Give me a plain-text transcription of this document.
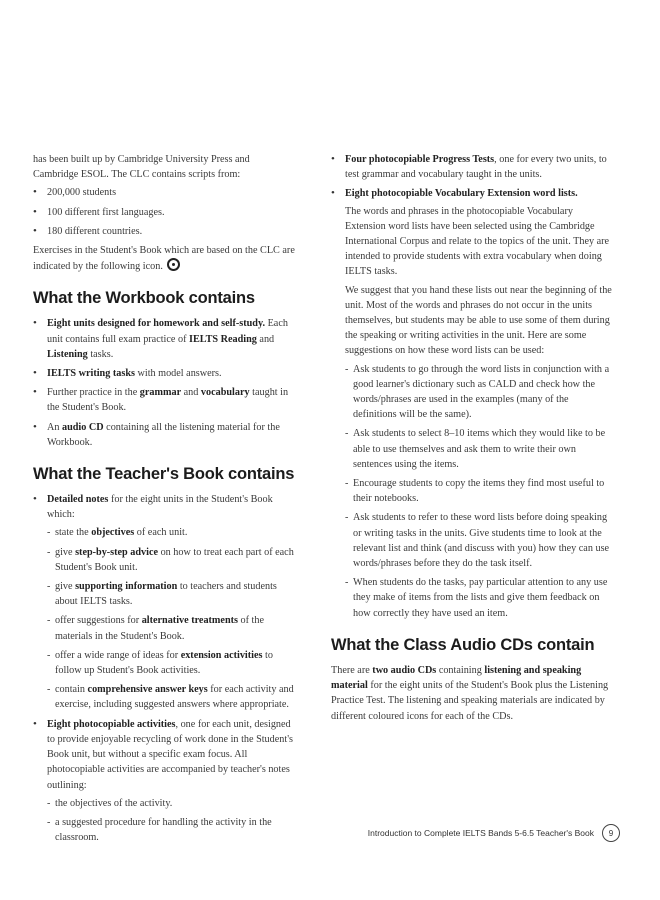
has been built up by Cambridge University Press and Cambridge ESOL. The CLC contains scripts from:

• 200,000 students
• 100 different first languages.
• 180 different countries.

Exercises in the Student's Book which are based on the CLC are indicated by the following icon.

What the Workbook contains
• Eight units designed for homework and self-study. Each unit contains full exam practice of IELTS Reading and Listening tasks.
• IELTS writing tasks with model answers.
• Further practice in the grammar and vocabulary taught in the Student's Book.
• An audio CD containing all the listening material for the Workbook.
What the Teacher's Book contains
• Detailed notes for the eight units in the Student's Book which:
- state the objectives of each unit.
- give step-by-step advice on how to treat each part of each Student's Book unit.
- give supporting information to teachers and students about IELTS tasks.
- offer suggestions for alternative treatments of the materials in the Student's Book.
- offer a wide range of ideas for extension activities to follow up Student's Book activities.
- contain comprehensive answer keys for each activity and exercise, including suggested answers where appropriate.
• Eight photocopiable activities, one for each unit, designed to provide enjoyable recycling of work done in the Student's Book unit, but without a specific exam focus. All photocopiable activities are accompanied by teacher's notes outlining:
- the objectives of the activity.
- a suggested procedure for handling the activity in the classroom.
• Four photocopiable Progress Tests, one for every two units, to test grammar and vocabulary taught in the units.
• Eight photocopiable Vocabulary Extension word lists.

The words and phrases in the photocopiable Vocabulary Extension word lists have been selected using the Cambridge International Corpus and relate to the topics of the unit. They are intended to provide students with extra vocabulary when doing IELTS tasks.

We suggest that you hand these lists out near the beginning of the unit. Most of the words and phrases do not occur in the units themselves, but students may be able to use some of them during the speaking or writing activities in the unit. Here are some suggestions on how these word lists can be used:

- Ask students to go through the word lists in conjunction with a good learner's dictionary such as CALD and check how the words/phrases are used in the examples (many of the definitions will be the same).
- Ask students to select 8–10 items which they would like to be able to use themselves and ask them to write their own sentences using the items.
- Encourage students to copy the items they find most useful to their notebooks.
- Ask students to refer to these word lists before doing speaking or writing tasks in the units. Give students time to look at the relevant list and think (and discuss with you) how they can use words/phrases before they do the task itself.
- When students do the tasks, pay particular attention to any use they make of items from the lists and give them feedback on how correctly they have used an item.
What the Class Audio CDs contain

There are two audio CDs containing listening and speaking material for the eight units of the Student's Book plus the Listening Practice Test. The listening and speaking materials are indicated by different coloured icons for each of the CDs.

Introduction to Complete IELTS Bands 5-6.5 Teacher's Book	9
